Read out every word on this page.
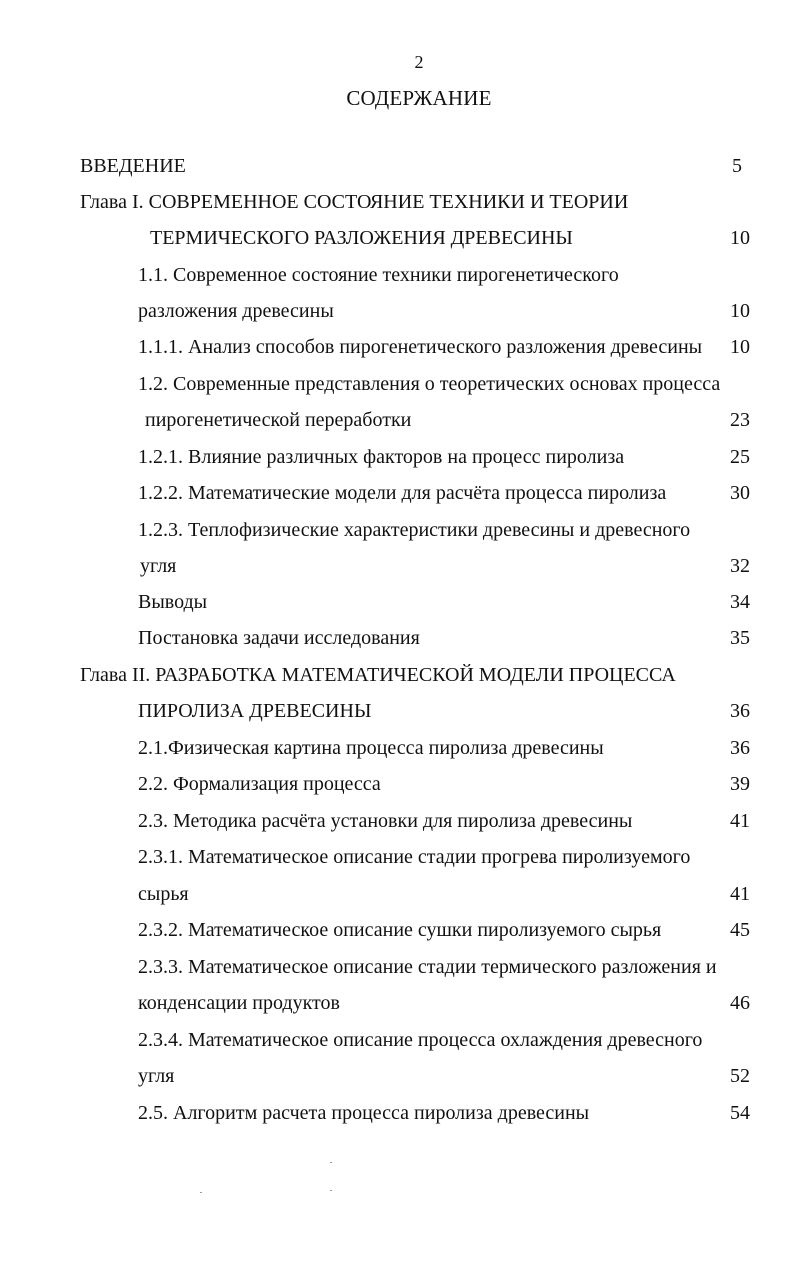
2
СОДЕРЖАНИЕ
ВВЕДЕНИЕ	5
Глава I. СОВРЕМЕННОЕ СОСТОЯНИЕ ТЕХНИКИ И ТЕОРИИ
ТЕРМИЧЕСКОГО РАЗЛОЖЕНИЯ ДРЕВЕСИНЫ	10
1.1. Современное состояние техники пирогенетического
разложения древесины	10
1.1.1. Анализ способов пирогенетического разложения древесины	10
1.2. Современные представления о теоретических основах процесса
пирогенетической переработки	23
1.2.1. Влияние различных факторов на процесс пиролиза	25
1.2.2. Математические модели для расчёта процесса пиролиза	30
1.2.3. Теплофизические характеристики древесины и древесного
угля	32
Выводы	34
Постановка задачи исследования	35
Глава II. РАЗРАБОТКА МАТЕМАТИЧЕСКОЙ МОДЕЛИ ПРОЦЕССА
ПИРОЛИЗА ДРЕВЕСИНЫ	36
2.1.Физическая картина процесса пиролиза древесины	36
2.2. Формализация процесса	39
2.3. Методика расчёта установки для пиролиза древесины	41
2.3.1. Математическое описание стадии прогрева пиролизуемого
сырья	41
2.3.2. Математическое описание сушки пиролизуемого сырья	45
2.3.3. Математическое описание стадии термического разложения и
конденсации продуктов	46
2.3.4. Математическое описание процесса охлаждения древесного
угля	52
2.5. Алгоритм расчета процесса пиролиза древесины	54
